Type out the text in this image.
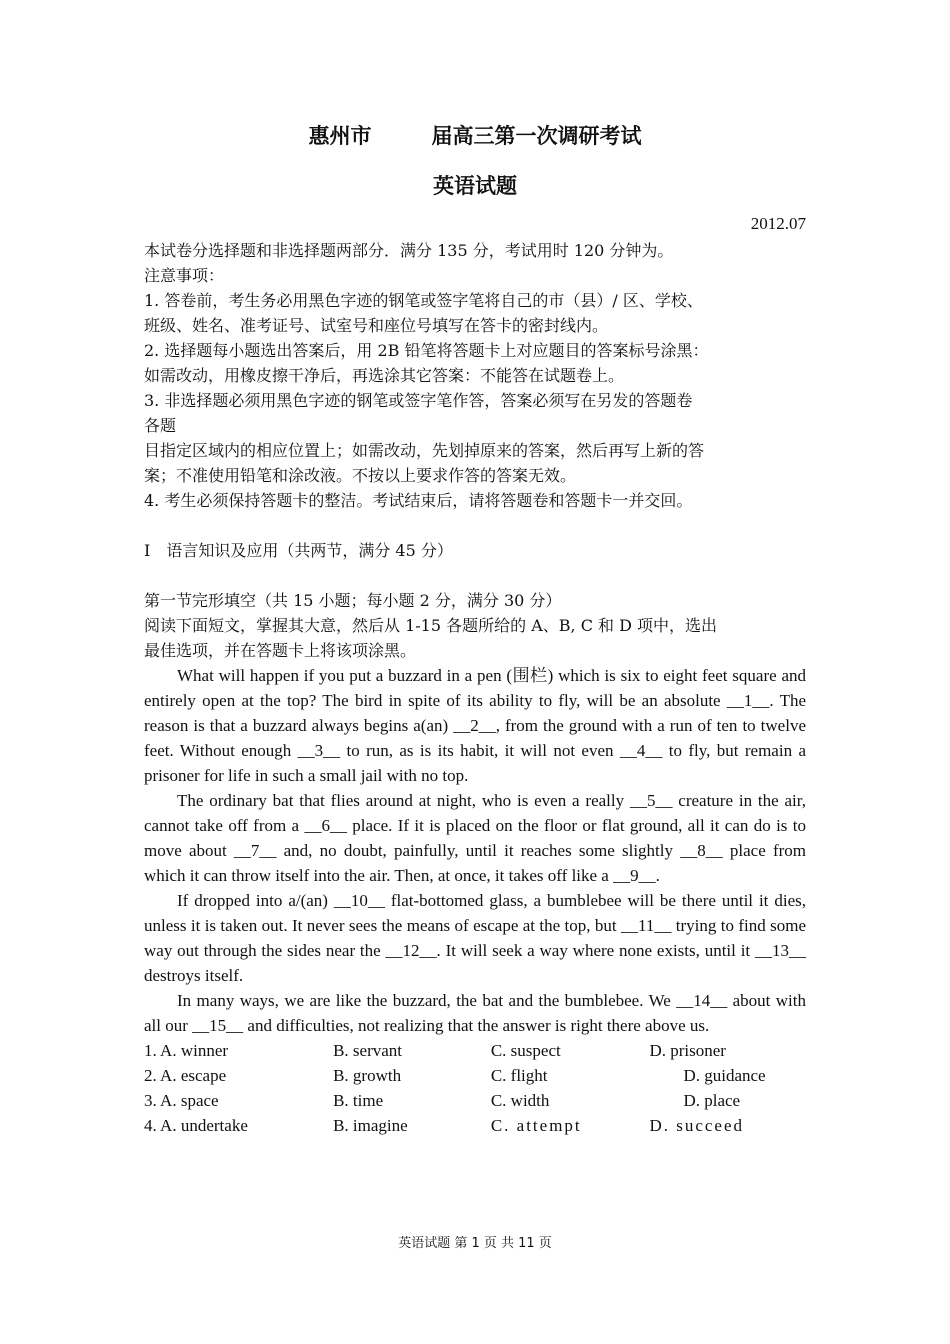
惠州市	届高三第一次调研考试
英语试题
2012.07

本试卷分选择题和非选择题两部分．满分 135 分，考试用时 120 分钟为。

注意事项：

1. 答卷前，考生务必用黑色字迹的钢笔或签字笔将自己的市（县）/ 区、学校、

班级、姓名、准考证号、试室号和座位号填写在答卡的密封线内。

2. 选择题每小题选出答案后，用 2B 铅笔将答题卡上对应题目的答案标号涂黑：

如需改动，用橡皮擦干净后，再选涂其它答案：不能答在试题卷上。

3. 非选择题必须用黑色字迹的钢笔或签字笔作答，答案必须写在另发的答题卷

各题

目指定区域内的相应位置上；如需改动，先划掉原来的答案，然后再写上新的答

案；不准使用铅笔和涂改液。不按以上要求作答的答案无效。

4. 考生必须保持答题卡的整洁。考试结束后，请将答题卷和答题卡一并交回。

I　语言知识及应用（共两节，满分 45 分）

第一节完形填空（共 15 小题；每小题 2 分，满分 30 分）

阅读下面短文，掌握其大意，然后从 1-15 各题所给的 A、B, C 和 D 项中，选出

最佳选项，并在答题卡上将该项涂黑。

What will happen if you put a buzzard in a pen (围栏) which is six to eight feet square and entirely open at the top? The bird in spite of its ability to fly, will be an absolute __1__. The reason is that a buzzard always begins a(an) __2__, from the ground with a run of ten to twelve feet. Without enough __3__ to run, as is its habit, it will not even __4__ to fly, but remain a prisoner for life in such a small jail with no top.

The ordinary bat that flies around at night, who is even a really __5__ creature in the air, cannot take off from a __6__ place. If it is placed on the floor or flat ground, all it can do is to move about __7__ and, no doubt, painfully, until it reaches some slightly __8__ place from which it can throw itself into the air. Then, at once, it takes off like a __9__.

If dropped into a/(an) __10__ flat-bottomed glass, a bumblebee will be there until it dies, unless it is taken out. It never sees the means of escape at the top, but __11__ trying to find some way out through the sides near the __12__. It will seek a way where none exists, until it __13__ destroys itself.

In many ways, we are like the buzzard, the bat and the bumblebee. We __14__ about with all our __15__ and difficulties, not realizing that the answer is right there above us.

1. A. winner	B. servant	C. suspect	D. prisoner
2. A. escape	B. growth	C. flight	D. guidance
3. A. space	B. time	C. width	D. place
4. A. undertake	B. imagine	C. attempt	D. succeed
英语试题 第 1 页 共 11 页
